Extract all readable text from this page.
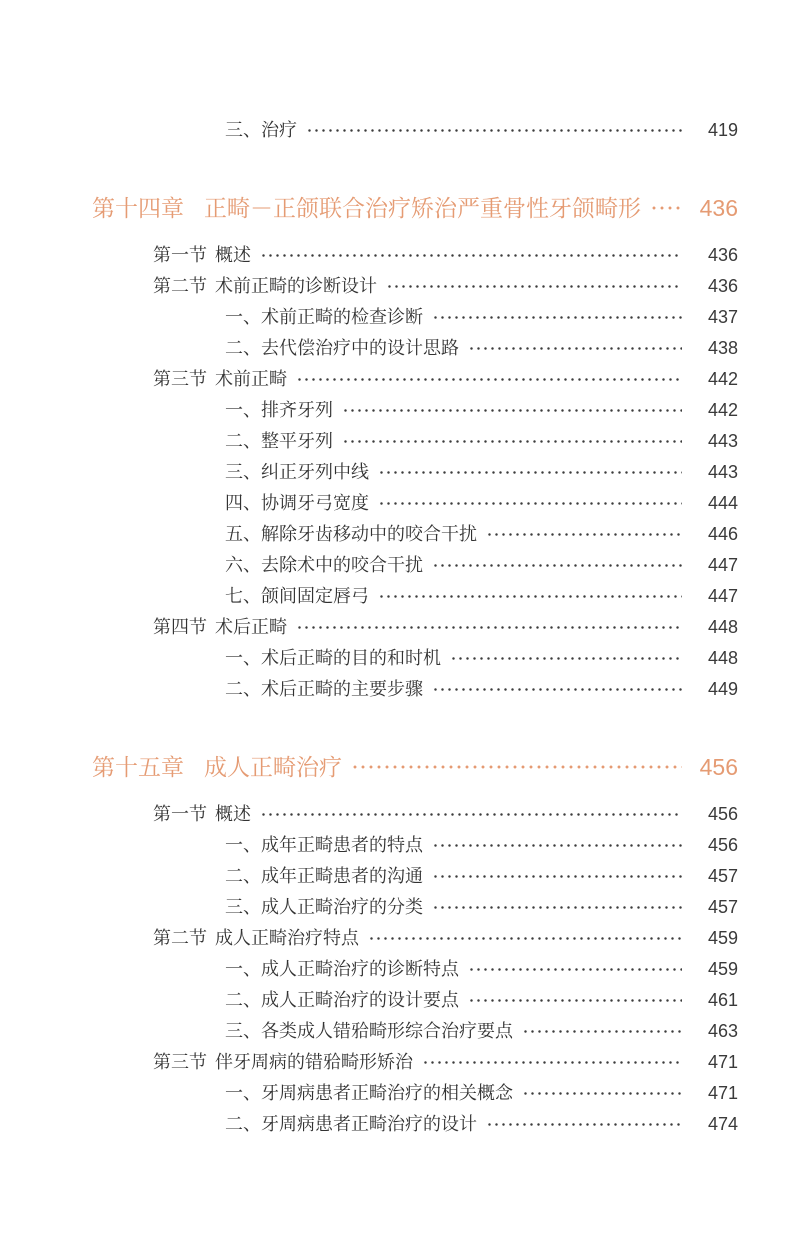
三、治疗	419
第十四章 正畸－正颌联合治疗矫治严重骨性牙颌畸形	436
第一节 概述	436
第二节 术前正畸的诊断设计	436
一、术前正畸的检查诊断	437
二、去代偿治疗中的设计思路	438
第三节 术前正畸	442
一、排齐牙列	442
二、整平牙列	443
三、纠正牙列中线	443
四、协调牙弓宽度	444
五、解除牙齿移动中的咬合干扰	446
六、去除术中的咬合干扰	447
七、颌间固定唇弓	447
第四节 术后正畸	448
一、术后正畸的目的和时机	448
二、术后正畸的主要步骤	449
第十五章 成人正畸治疗	456
第一节 概述	456
一、成年正畸患者的特点	456
二、成年正畸患者的沟通	457
三、成人正畸治疗的分类	457
第二节 成人正畸治疗特点	459
一、成人正畸治疗的诊断特点	459
二、成人正畸治疗的设计要点	461
三、各类成人错𬌗畸形综合治疗要点	463
第三节 伴牙周病的错𬌗畸形矫治	471
一、牙周病患者正畸治疗的相关概念	471
二、牙周病患者正畸治疗的设计	474
